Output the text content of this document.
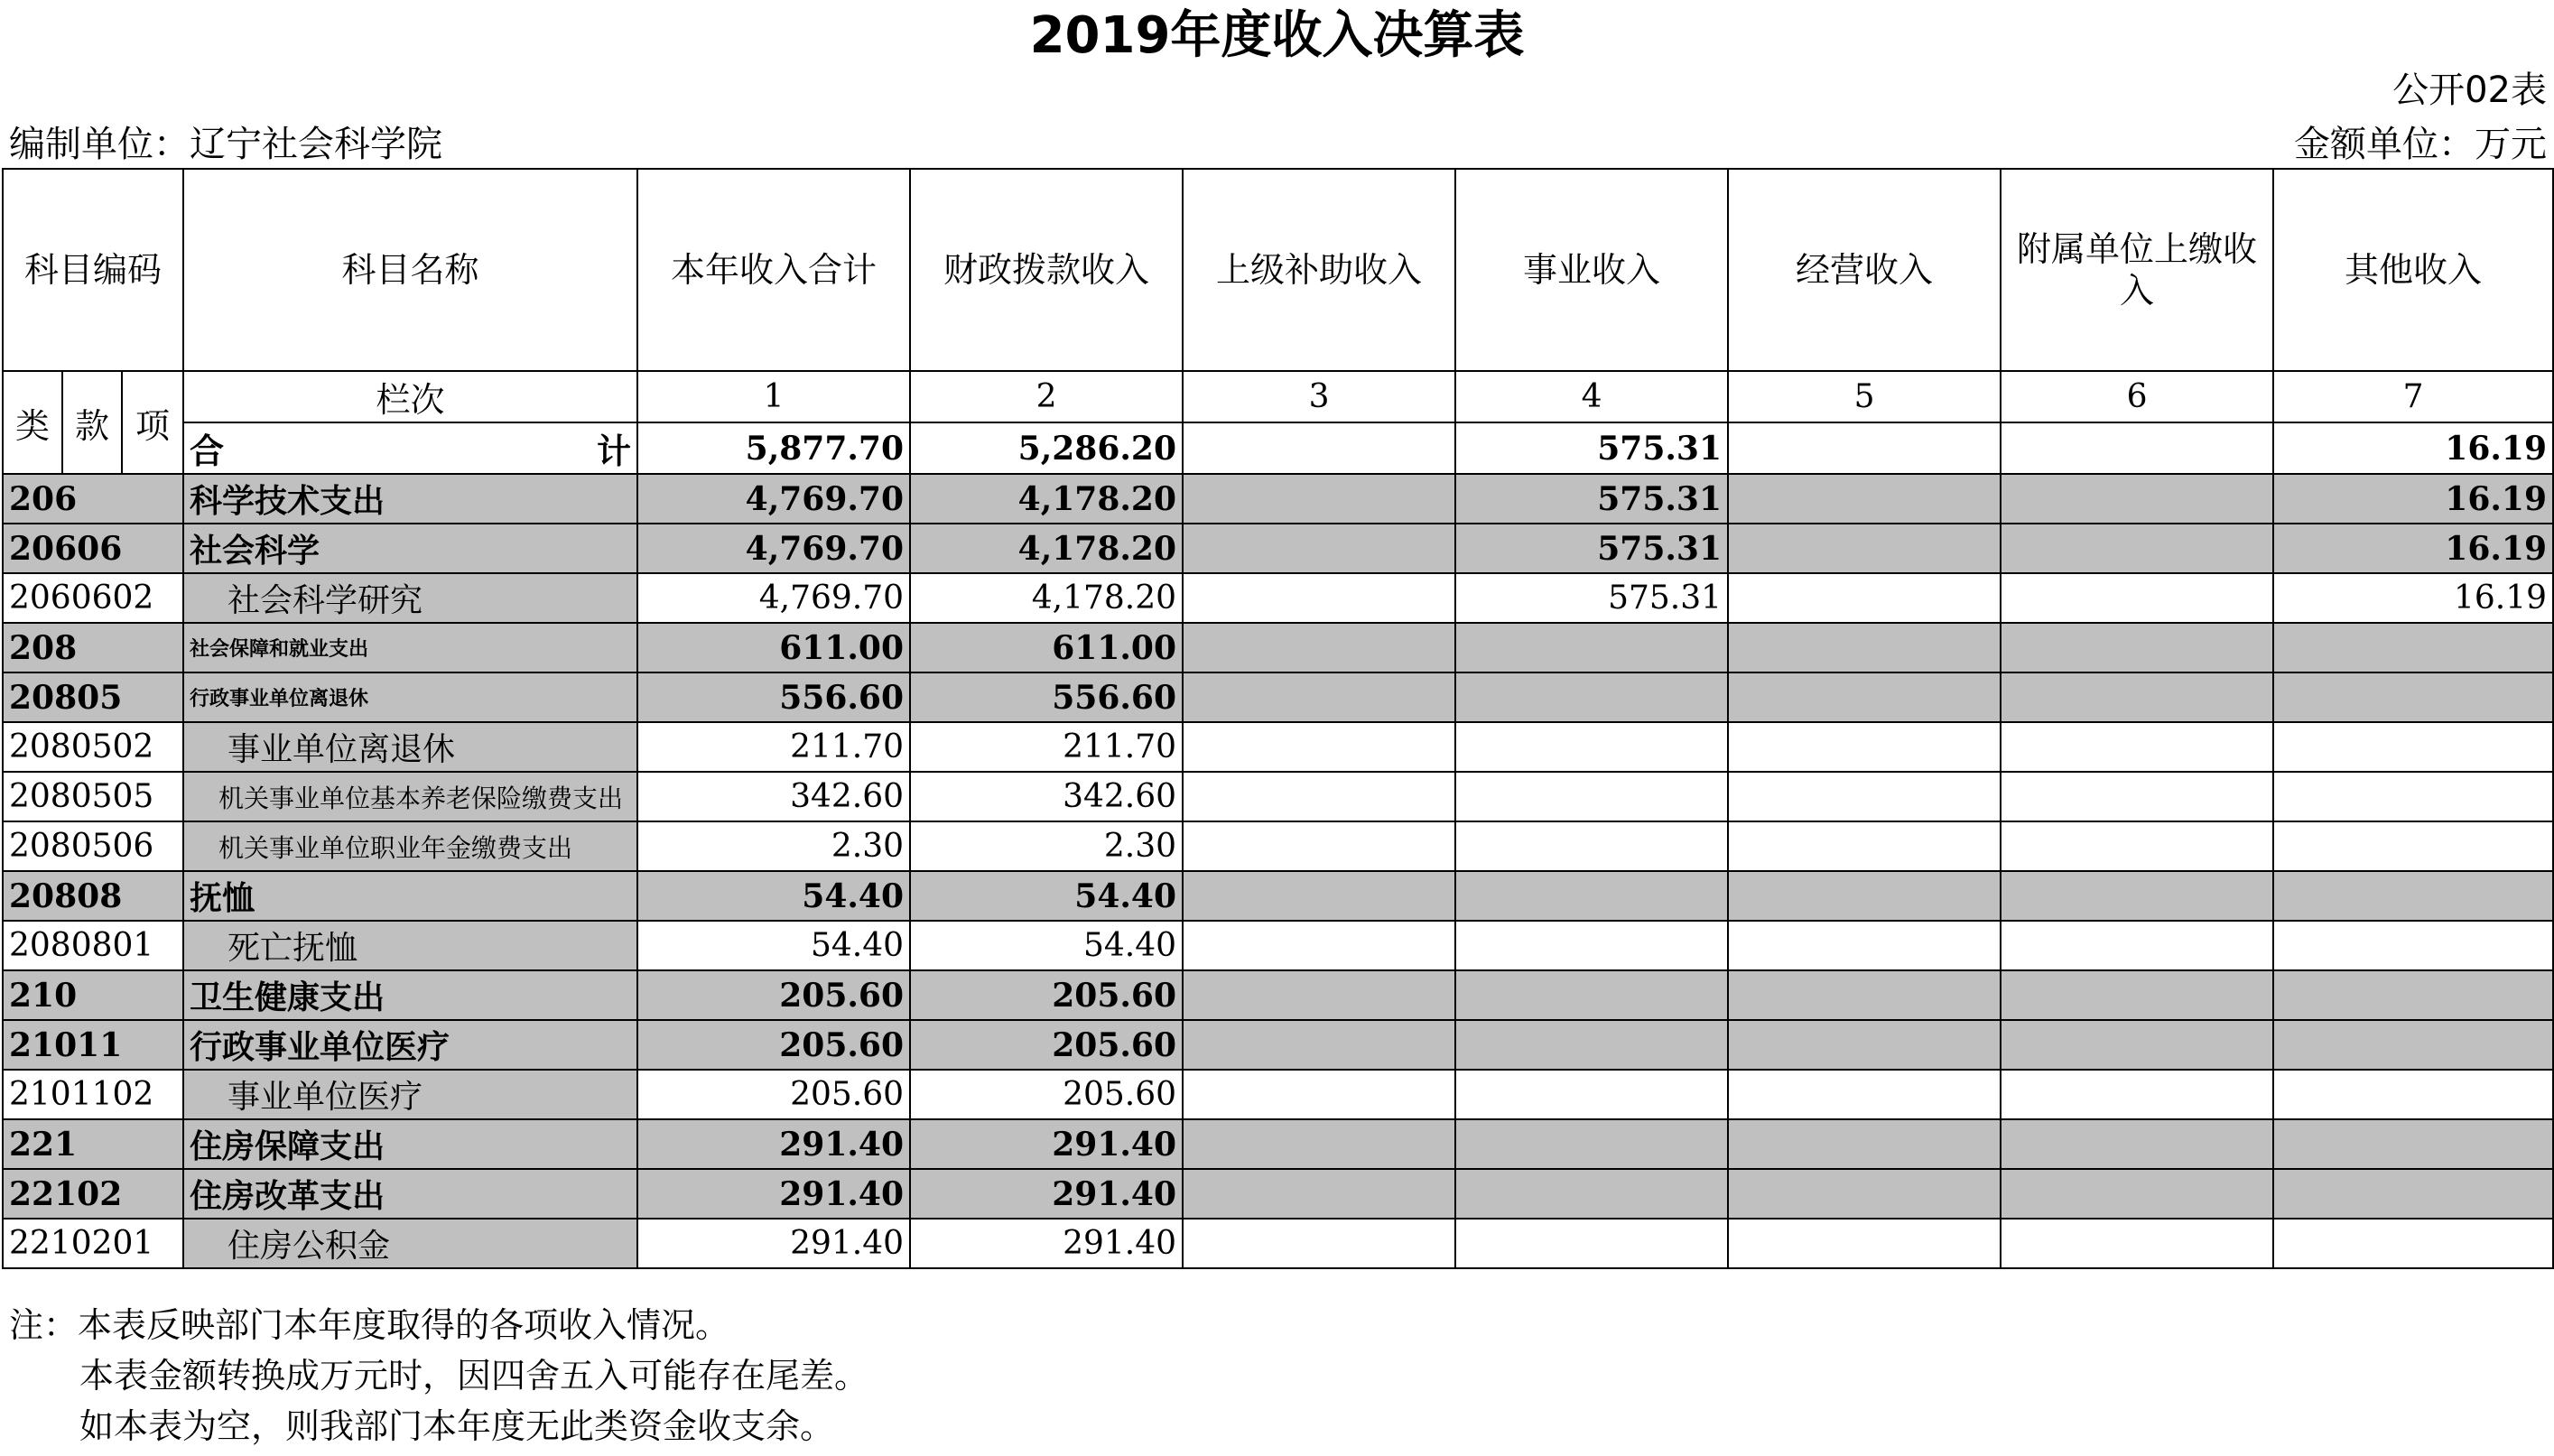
2019年度收入决算表
公开02表
编制单位：辽宁社会科学院	金额单位：万元
科目编码			科目名称	本年收入合计	财政拨款收入	上级补助收入	事业收入	经营收入	附属单位上缴收入	其他收入
类	款	项	栏次	1	2	3	4	5	6	7

			合 计	5,877.70	5,286.20		575.31			16.19
206			科学技术支出	4,769.70	4,178.20		575.31			16.19
20606			社会科学	4,769.70	4,178.20		575.31			16.19
2060602			社会科学研究	4,769.70	4,178.20		575.31			16.19
208			社会保障和就业支出	611.00	611.00					
20805			行政事业单位离退休	556.60	556.60					
2080502			事业单位离退休	211.70	211.70					
2080505			机关事业单位基本养老保险缴费支出	342.60	342.60					
2080506			机关事业单位职业年金缴费支出	2.30	2.30					
20808			抚恤	54.40	54.40					
2080801			死亡抚恤	54.40	54.40					
210			卫生健康支出	205.60	205.60					
21011			行政事业单位医疗	205.60	205.60					
2101102			事业单位医疗	205.60	205.60					
221			住房保障支出	291.40	291.40					
22102			住房改革支出	291.40	291.40					
2210201			住房公积金	291.40	291.40					
注：本表反映部门本年度取得的各项收入情况。
本表金额转换成万元时，因四舍五入可能存在尾差。
如本表为空，则我部门本年度无此类资金收支余。
